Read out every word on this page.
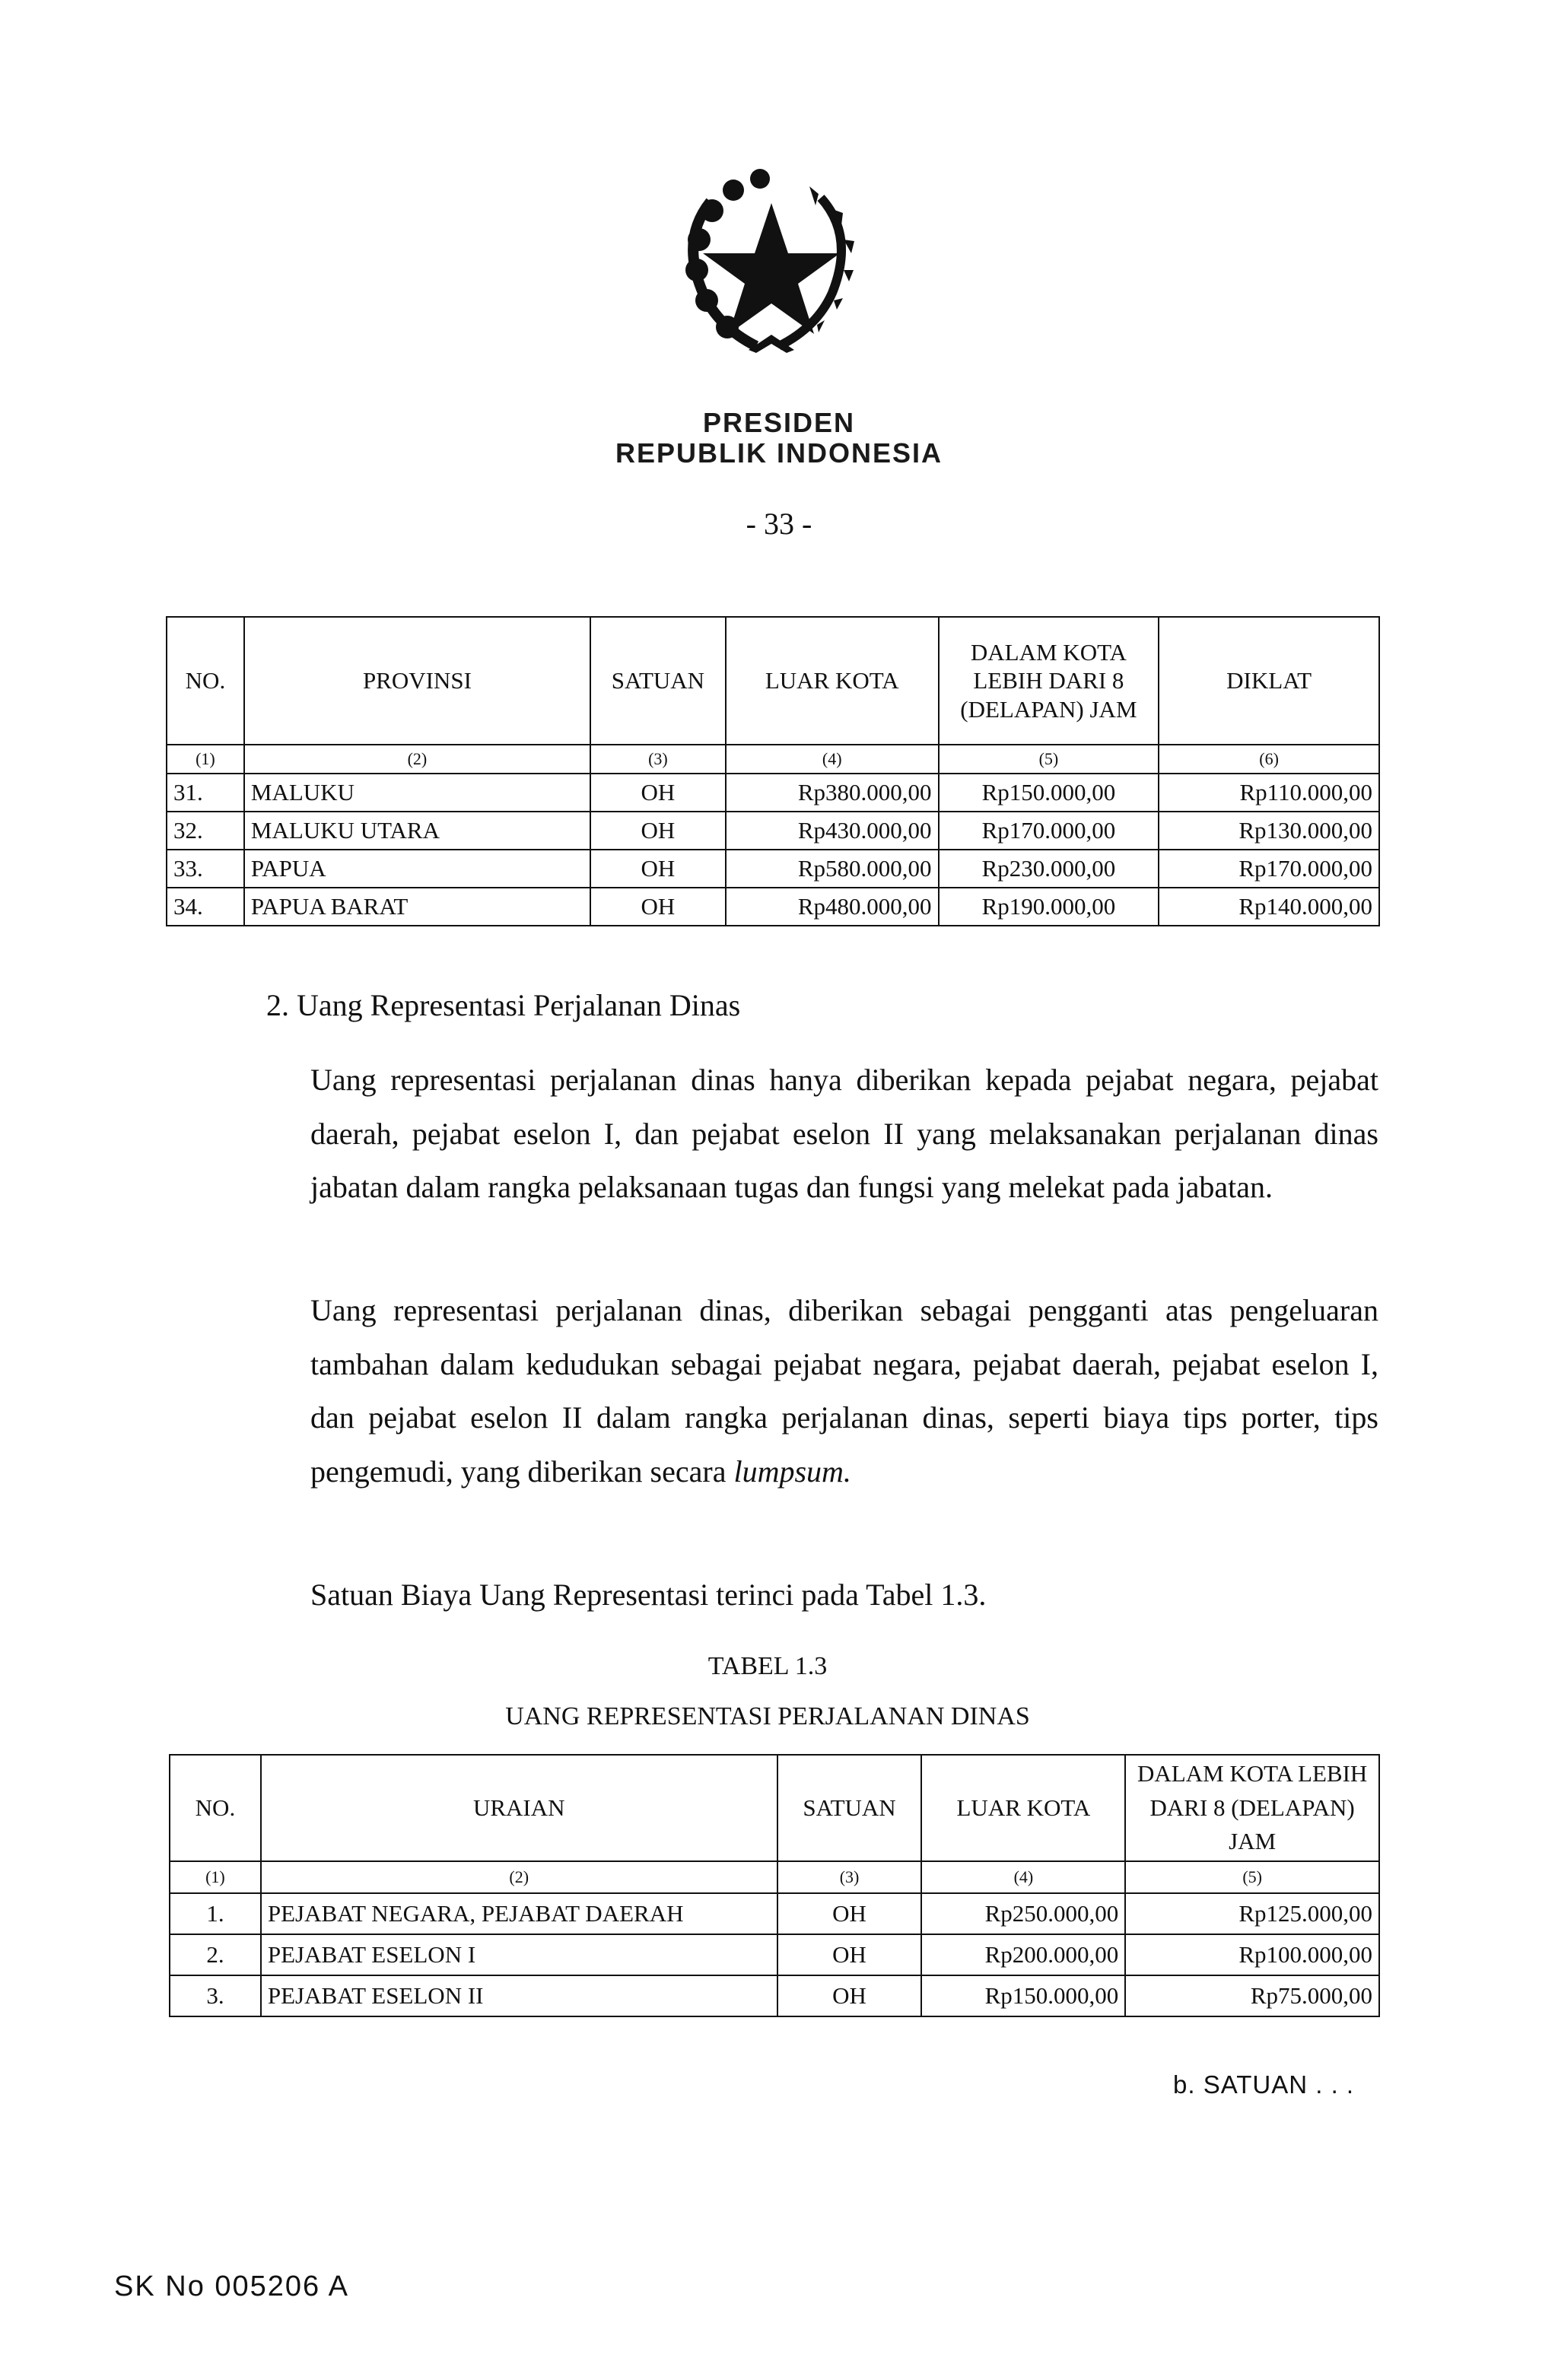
PRESIDEN
REPUBLIK INDONESIA
- 33 -
NO.	PROVINSI	SATUAN	LUAR KOTA	DALAM KOTA LEBIH DARI 8 (DELAPAN) JAM	DIKLAT
(1)	(2)	(3)	(4)	(5)	(6)
31.	MALUKU	OH	Rp380.000,00	Rp150.000,00	Rp110.000,00
32.	MALUKU UTARA	OH	Rp430.000,00	Rp170.000,00	Rp130.000,00
33.	PAPUA	OH	Rp580.000,00	Rp230.000,00	Rp170.000,00
34.	PAPUA BARAT	OH	Rp480.000,00	Rp190.000,00	Rp140.000,00
2. Uang Representasi Perjalanan Dinas
Uang representasi perjalanan dinas hanya diberikan kepada pejabat negara, pejabat daerah, pejabat eselon I, dan pejabat eselon II yang melaksanakan perjalanan dinas jabatan dalam rangka pelaksanaan tugas dan fungsi yang melekat pada jabatan.
Uang representasi perjalanan dinas, diberikan sebagai pengganti atas pengeluaran tambahan dalam kedudukan sebagai pejabat negara, pejabat daerah, pejabat eselon I, dan pejabat eselon II dalam rangka perjalanan dinas, seperti biaya tips porter, tips pengemudi, yang diberikan secara lumpsum.
Satuan Biaya Uang Representasi terinci pada Tabel 1.3.
TABEL 1.3
UANG REPRESENTASI PERJALANAN DINAS
NO.	URAIAN	SATUAN	LUAR KOTA	DALAM KOTA LEBIH DARI 8 (DELAPAN) JAM
(1)	(2)	(3)	(4)	(5)
1.	PEJABAT NEGARA, PEJABAT DAERAH	OH	Rp250.000,00	Rp125.000,00
2.	PEJABAT ESELON I	OH	Rp200.000,00	Rp100.000,00
3.	PEJABAT ESELON II	OH	Rp150.000,00	Rp75.000,00
b. SATUAN . . .
SK No 005206 A
